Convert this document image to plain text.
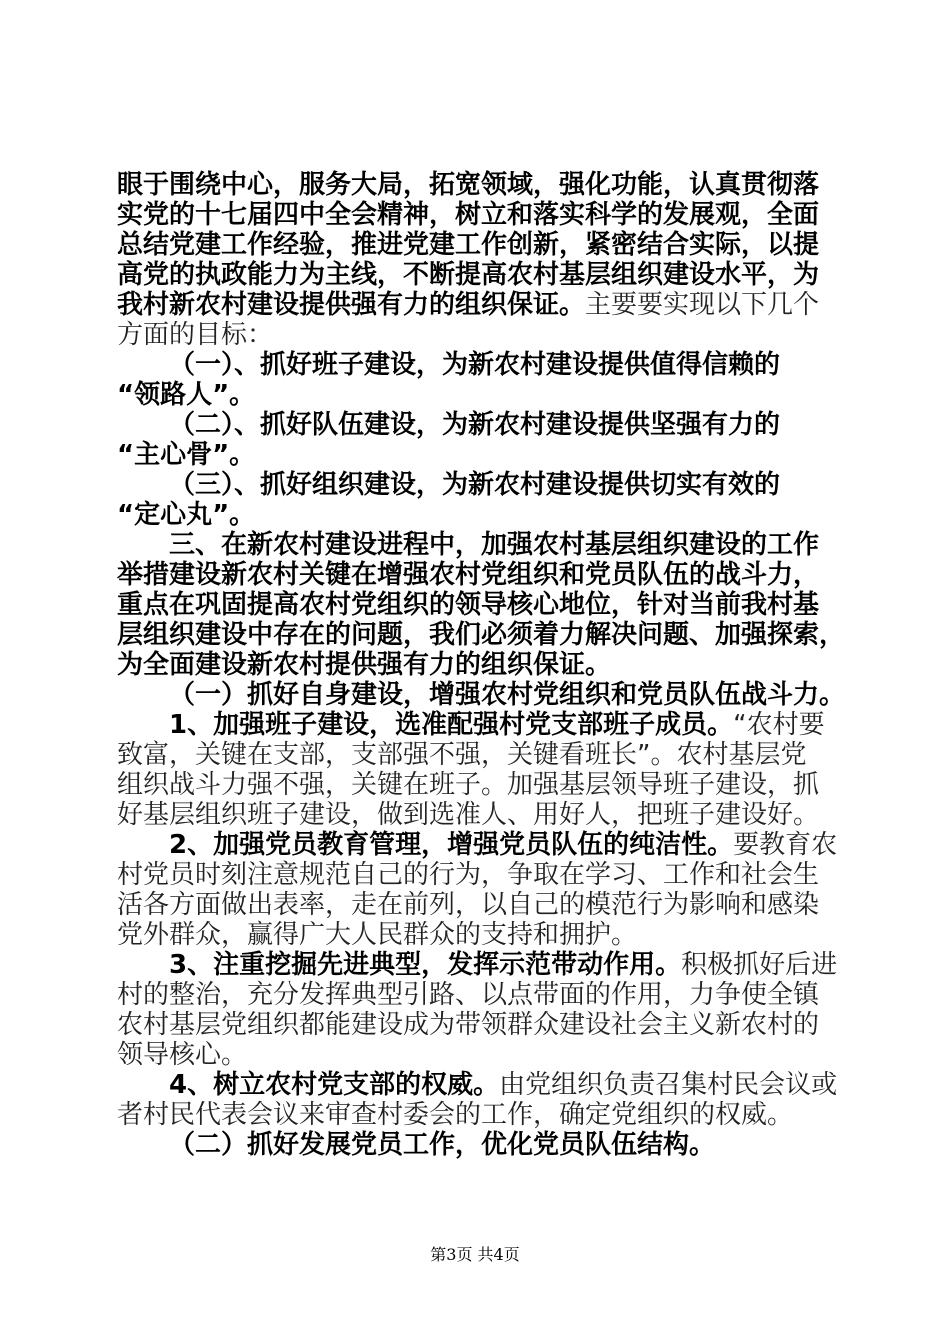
眼于围绕中心，服务大局，拓宽领域，强化功能，认真贯彻落
实党的十七届四中全会精神，树立和落实科学的发展观，全面
总结党建工作经验，推进党建工作创新，紧密结合实际，以提
高党的执政能力为主线，不断提高农村基层组织建设水平，为
我村新农村建设提供强有力的组织保证。主要要实现以下几个
方面的目标：
（一）、抓好班子建设，为新农村建设提供值得信赖的
“领路人”。
（二）、抓好队伍建设，为新农村建设提供坚强有力的
“主心骨”。
（三）、抓好组织建设，为新农村建设提供切实有效的
“定心丸”。
三、在新农村建设进程中，加强农村基层组织建设的工作
举措建设新农村关键在增强农村党组织和党员队伍的战斗力，
重点在巩固提高农村党组织的领导核心地位，针对当前我村基
层组织建设中存在的问题，我们必须着力解决问题、加强探索，
为全面建设新农村提供强有力的组织保证。
（一）抓好自身建设，增强农村党组织和党员队伍战斗力。
1、加强班子建设，选准配强村党支部班子成员。“农村要
致富，关键在支部，支部强不强，关键看班长”。农村基层党
组织战斗力强不强，关键在班子。加强基层领导班子建设，抓
好基层组织班子建设，做到选准人、用好人，把班子建设好。
2、加强党员教育管理，增强党员队伍的纯洁性。要教育农
村党员时刻注意规范自己的行为，争取在学习、工作和社会生
活各方面做出表率，走在前列，以自己的模范行为影响和感染
党外群众，赢得广大人民群众的支持和拥护。
3、注重挖掘先进典型，发挥示范带动作用。积极抓好后进
村的整治，充分发挥典型引路、以点带面的作用，力争使全镇
农村基层党组织都能建设成为带领群众建设社会主义新农村的
领导核心。
4、树立农村党支部的权威。由党组织负责召集村民会议或
者村民代表会议来审查村委会的工作，确定党组织的权威。
（二）抓好发展党员工作，优化党员队伍结构。
第3页 共4页
